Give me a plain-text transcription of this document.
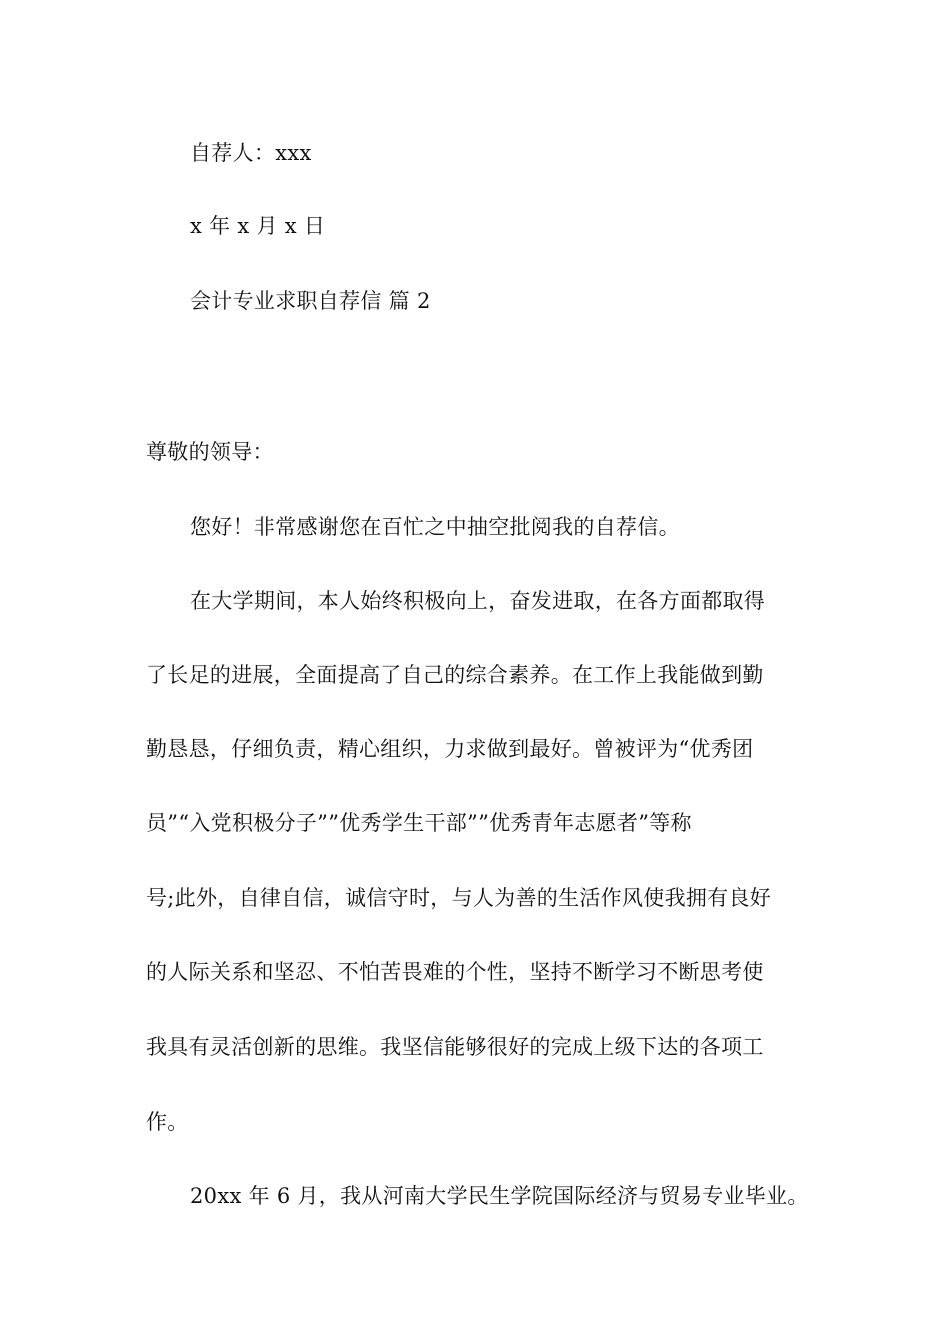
自荐人：xxx
x 年 x 月 x 日
会计专业求职自荐信 篇 2
尊敬的领导：
您好！非常感谢您在百忙之中抽空批阅我的自荐信。
在大学期间，本人始终积极向上，奋发进取，在各方面都取得
了长足的进展，全面提高了自己的综合素养。在工作上我能做到勤
勤恳恳，仔细负责，精心组织，力求做到最好。曾被评为“优秀团
员”“入党积极分子””优秀学生干部””优秀青年志愿者”等称
号;此外，自律自信，诚信守时，与人为善的生活作风使我拥有良好
的人际关系和坚忍、不怕苦畏难的个性，坚持不断学习不断思考使
我具有灵活创新的思维。我坚信能够很好的完成上级下达的各项工
作。
20xx 年 6 月，我从河南大学民生学院国际经济与贸易专业毕业。
